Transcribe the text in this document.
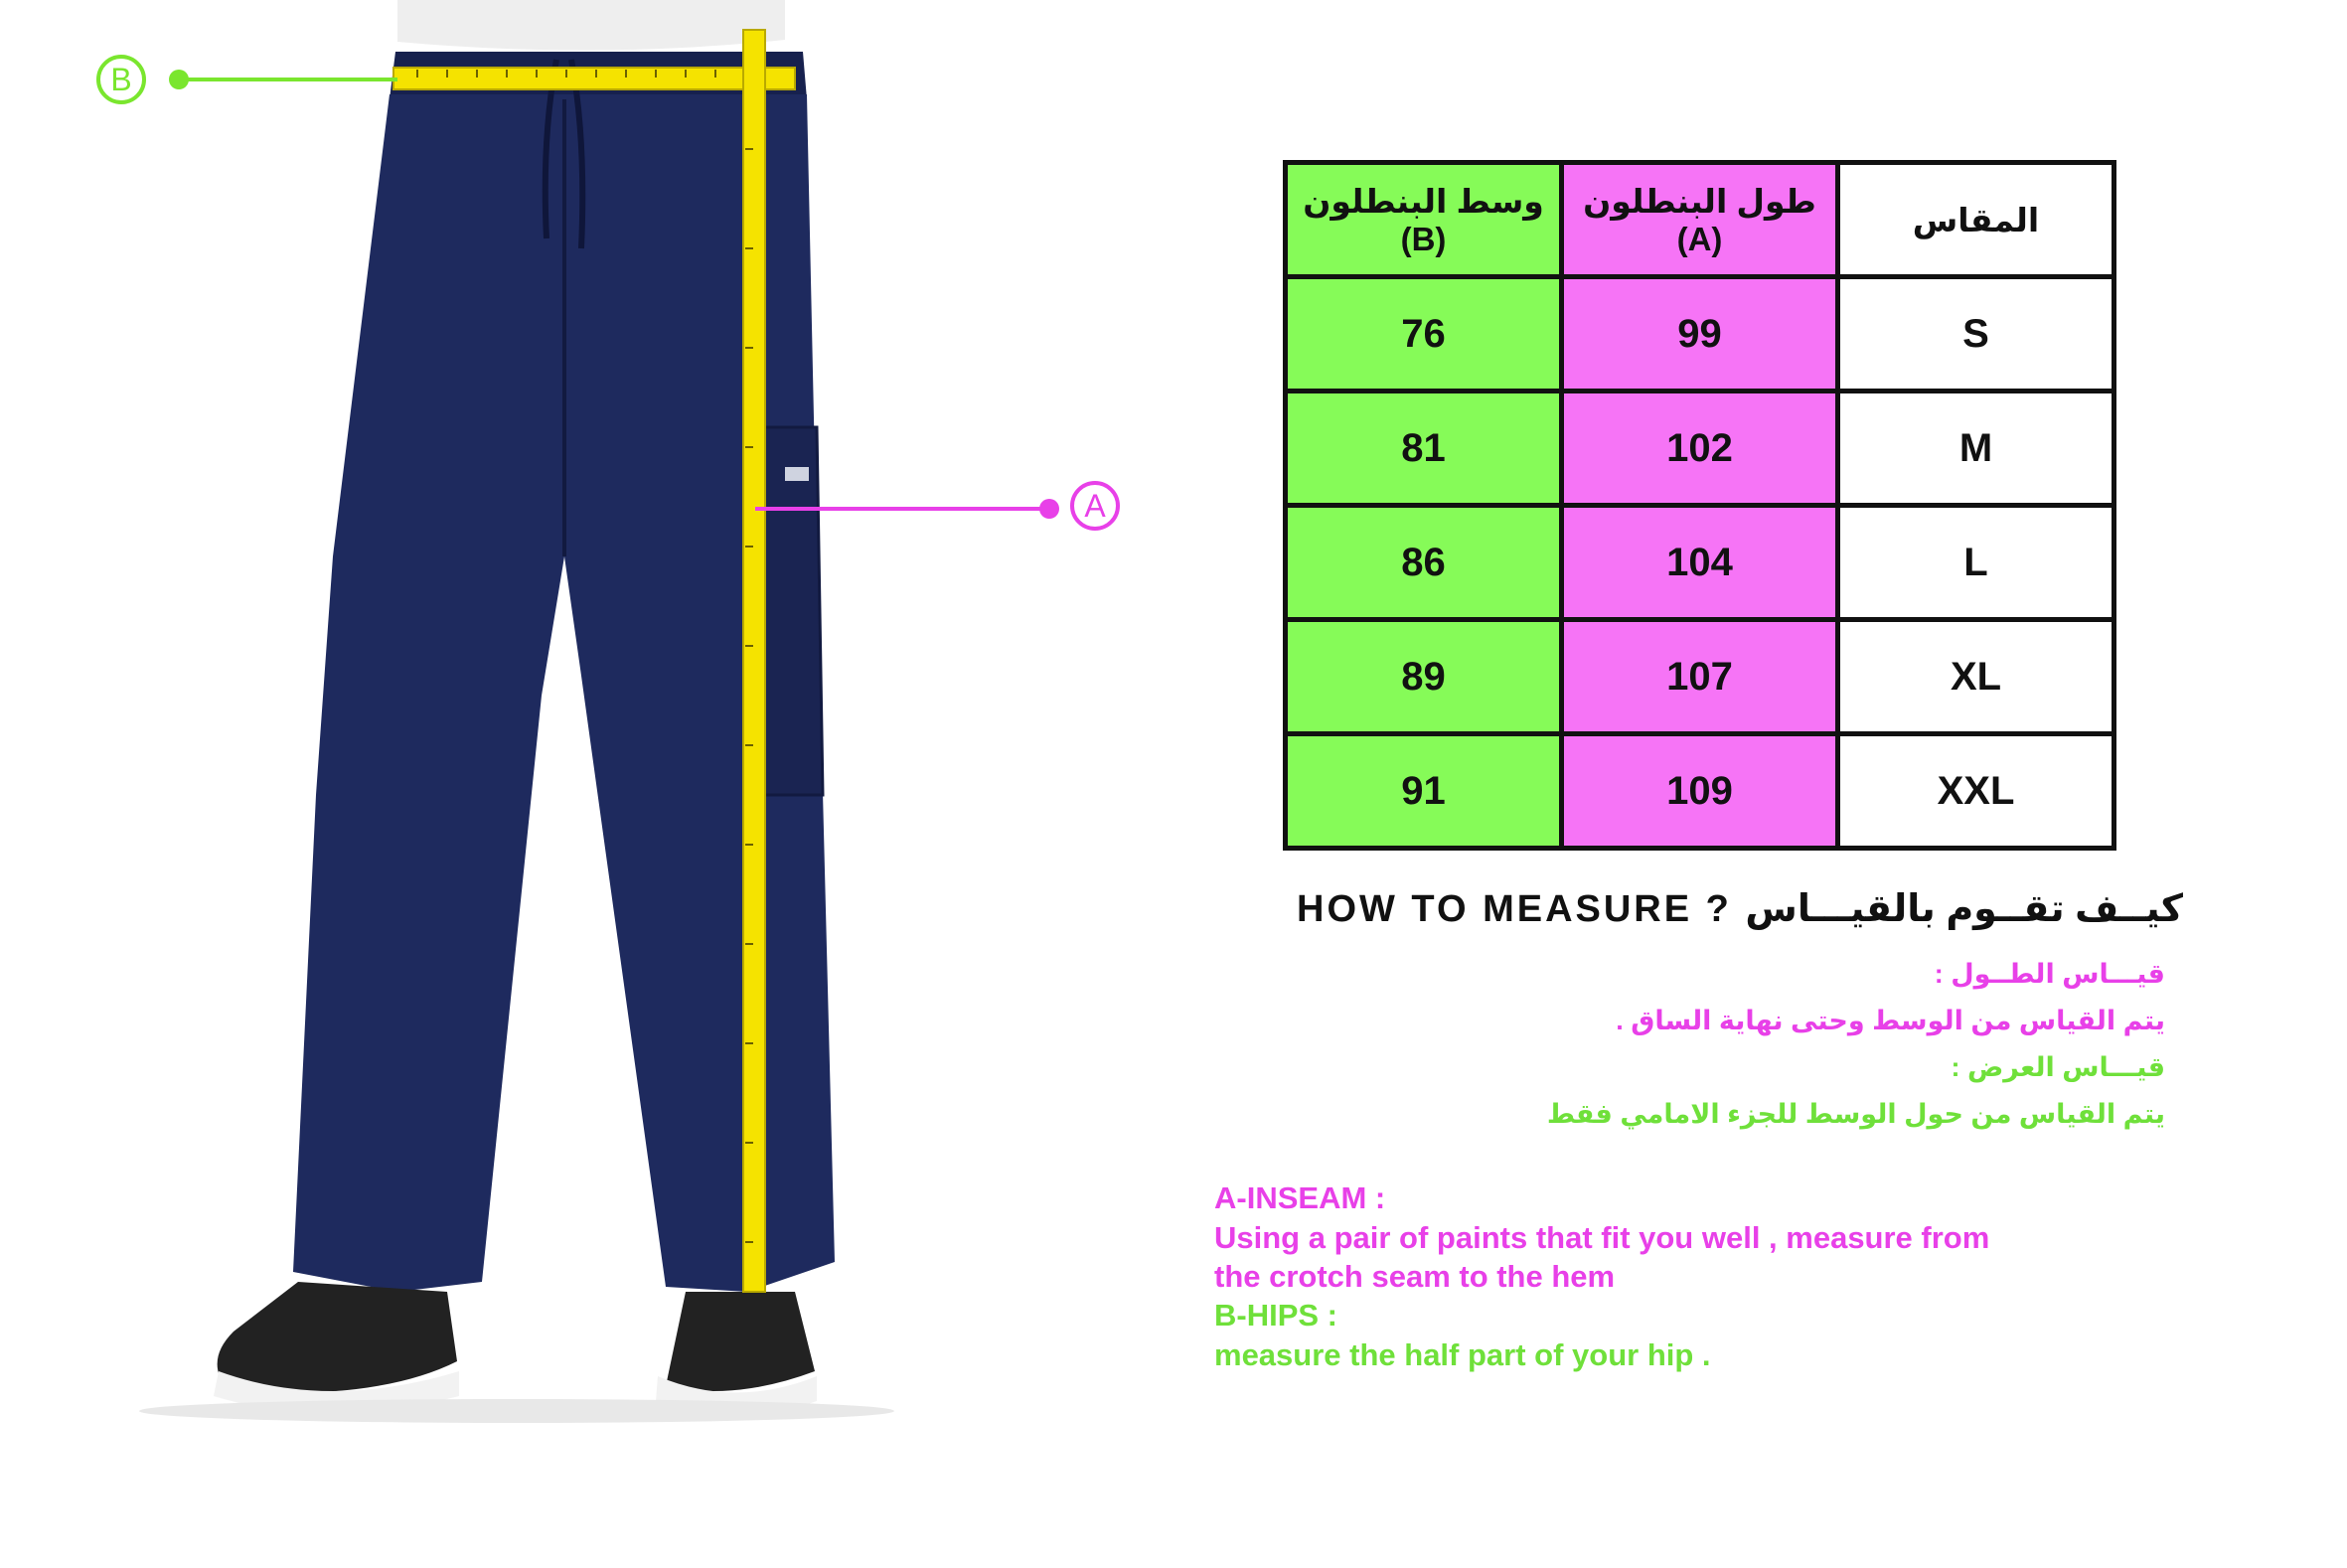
B
A
وسط البنطلون (B)	طول البنطلون (A)	المقاس
76	99	S
81	102	M
86	104	L
89	107	XL
91	109	XXL
HOW TO MEASURE ? كيــف تقــوم بالقيـــاس
قيـــاس الطــول :
يتم القياس من الوسط وحتى نهاية الساق .
قيـــاس العرض :
يتم القياس من حول الوسط للجزء الامامي فقط
A-INSEAM :
Using a pair of paints that fit you well , measure from
the crotch seam to the hem
B-HIPS :
measure the half part of your hip .
